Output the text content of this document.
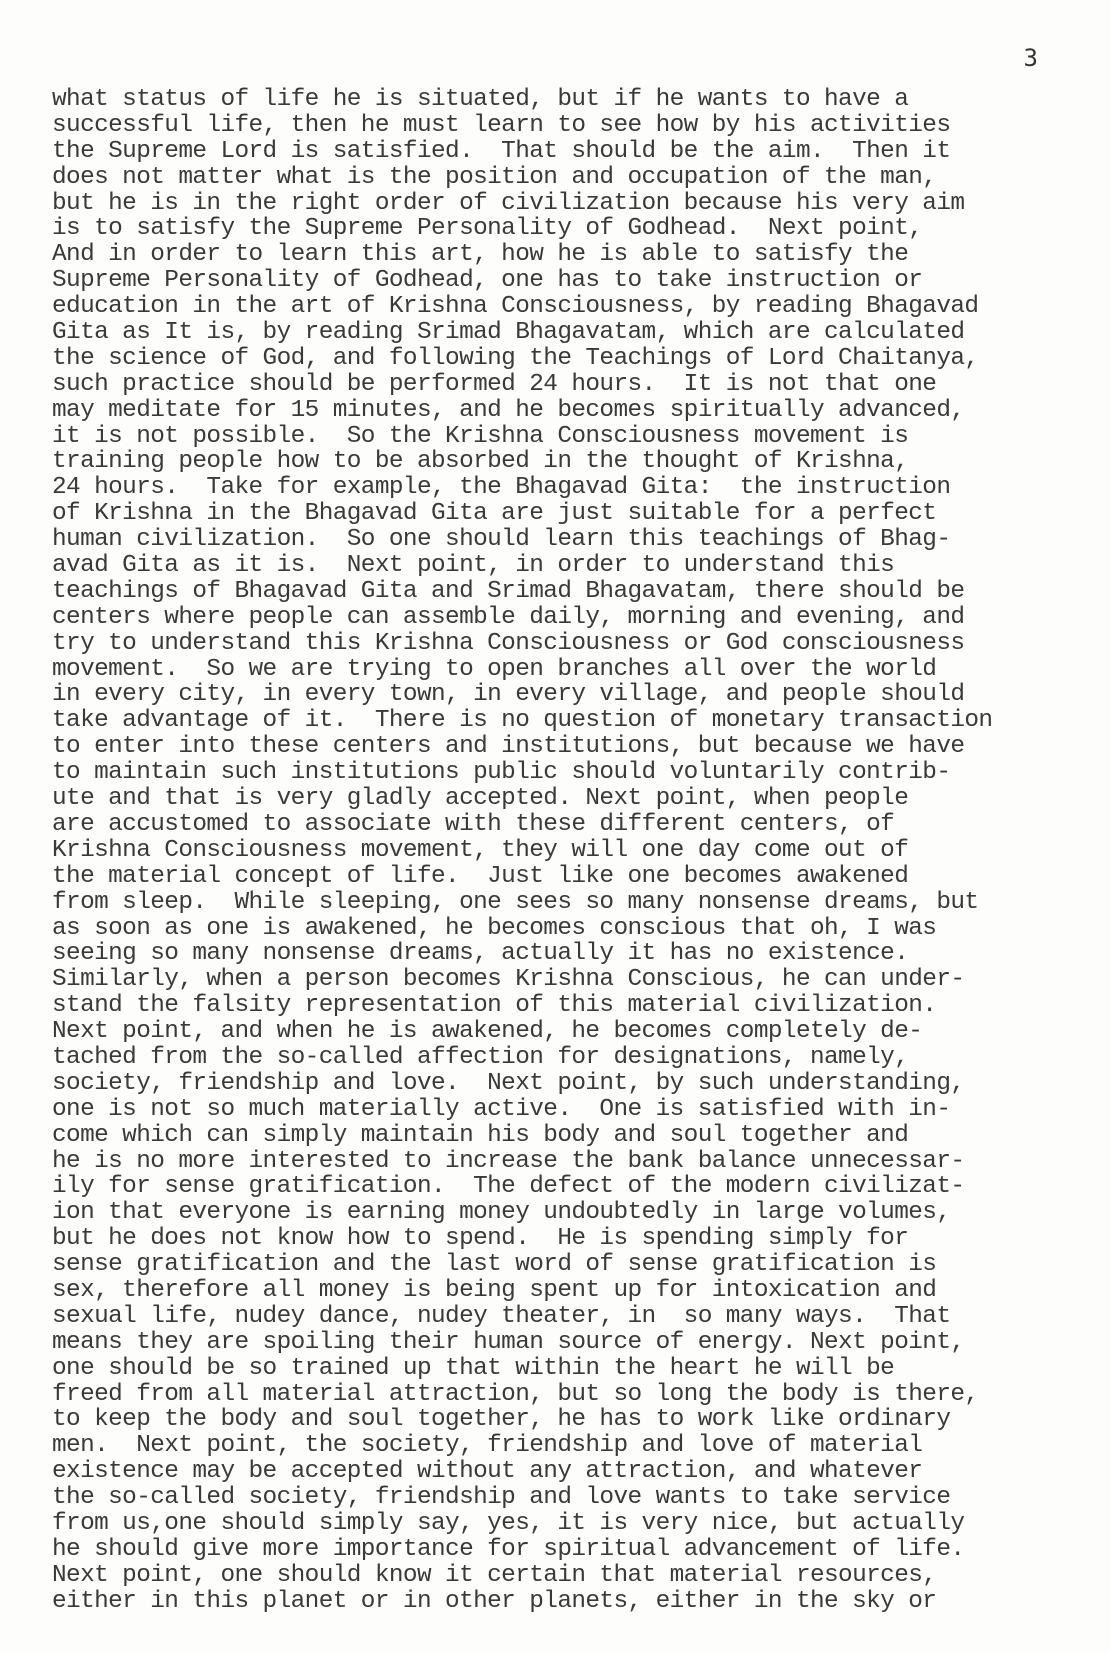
3
what status of life he is situated, but if he wants to have a
successful life, then he must learn to see how by his activities
the Supreme Lord is satisfied.  That should be the aim.  Then it
does not matter what is the position and occupation of the man,
but he is in the right order of civilization because his very aim
is to satisfy the Supreme Personality of Godhead.  Next point,
And in order to learn this art, how he is able to satisfy the
Supreme Personality of Godhead, one has to take instruction or
education in the art of Krishna Consciousness, by reading Bhagavad
Gita as It is, by reading Srimad Bhagavatam, which are calculated
the science of God, and following the Teachings of Lord Chaitanya,
such practice should be performed 24 hours.  It is not that one
may meditate for 15 minutes, and he becomes spiritually advanced,
it is not possible.  So the Krishna Consciousness movement is
training people how to be absorbed in the thought of Krishna,
24 hours.  Take for example, the Bhagavad Gita:  the instruction
of Krishna in the Bhagavad Gita are just suitable for a perfect
human civilization.  So one should learn this teachings of Bhag-
avad Gita as it is.  Next point, in order to understand this
teachings of Bhagavad Gita and Srimad Bhagavatam, there should be
centers where people can assemble daily, morning and evening, and
try to understand this Krishna Consciousness or God consciousness
movement.  So we are trying to open branches all over the world
in every city, in every town, in every village, and people should
take advantage of it.  There is no question of monetary transaction
to enter into these centers and institutions, but because we have
to maintain such institutions public should voluntarily contrib-
ute and that is very gladly accepted. Next point, when people
are accustomed to associate with these different centers, of
Krishna Consciousness movement, they will one day come out of
the material concept of life.  Just like one becomes awakened
from sleep.  While sleeping, one sees so many nonsense dreams, but
as soon as one is awakened, he becomes conscious that oh, I was
seeing so many nonsense dreams, actually it has no existence.
Similarly, when a person becomes Krishna Conscious, he can under-
stand the falsity representation of this material civilization.
Next point, and when he is awakened, he becomes completely de-
tached from the so-called affection for designations, namely,
society, friendship and love.  Next point, by such understanding,
one is not so much materially active.  One is satisfied with in-
come which can simply maintain his body and soul together and
he is no more interested to increase the bank balance unnecessar-
ily for sense gratification.  The defect of the modern civilizat-
ion that everyone is earning money undoubtedly in large volumes,
but he does not know how to spend.  He is spending simply for
sense gratification and the last word of sense gratification is
sex, therefore all money is being spent up for intoxication and
sexual life, nudey dance, nudey theater, in  so many ways.  That
means they are spoiling their human source of energy. Next point,
one should be so trained up that within the heart he will be
freed from all material attraction, but so long the body is there,
to keep the body and soul together, he has to work like ordinary
men.  Next point, the society, friendship and love of material
existence may be accepted without any attraction, and whatever
the so-called society, friendship and love wants to take service
from us,one should simply say, yes, it is very nice, but actually
he should give more importance for spiritual advancement of life.
Next point, one should know it certain that material resources,
either in this planet or in other planets, either in the sky or
